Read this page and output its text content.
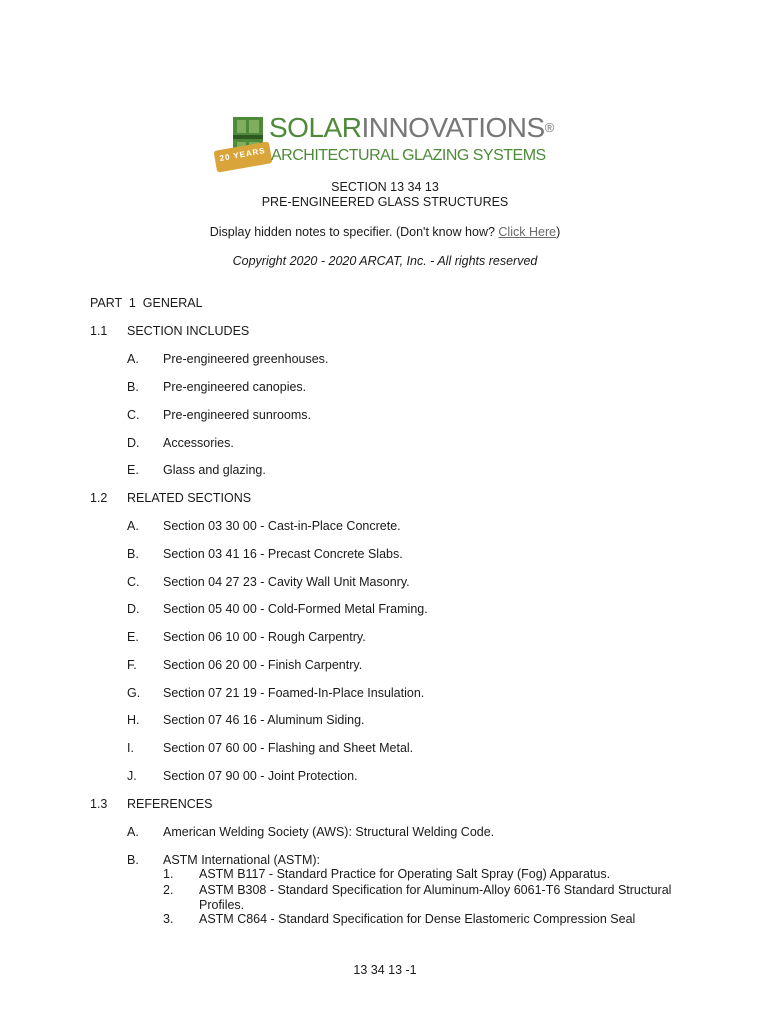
20 YEARS
SOLARINNOVATIONS®
ARCHITECTURAL GLAZING SYSTEMS
SECTION 13 34 13
PRE-ENGINEERED GLASS STRUCTURES
Display hidden notes to specifier. (Don't know how? Click Here)
Copyright 2020 - 2020 ARCAT, Inc. - All rights reserved
PART  1  GENERAL
1.1 SECTION INCLUDES
A. Pre-engineered greenhouses.
B. Pre-engineered canopies.
C. Pre-engineered sunrooms.
D. Accessories.
E. Glass and glazing.
1.2 RELATED SECTIONS
A. Section 03 30 00 - Cast-in-Place Concrete.
B. Section 03 41 16 - Precast Concrete Slabs.
C. Section 04 27 23 - Cavity Wall Unit Masonry.
D. Section 05 40 00 - Cold-Formed Metal Framing.
E. Section 06 10 00 - Rough Carpentry.
F. Section 06 20 00 - Finish Carpentry.
G. Section 07 21 19 - Foamed-In-Place Insulation.
H. Section 07 46 16 - Aluminum Siding.
I. Section 07 60 00 - Flashing and Sheet Metal.
J. Section 07 90 00 - Joint Protection.
1.3 REFERENCES
A. American Welding Society (AWS): Structural Welding Code.
B. ASTM International (ASTM):
1. ASTM B117 - Standard Practice for Operating Salt Spray (Fog) Apparatus.
2. ASTM B308 - Standard Specification for Aluminum-Alloy 6061-T6 Standard Structural
Profiles.
3. ASTM C864 - Standard Specification for Dense Elastomeric Compression Seal
13 34 13 -1
